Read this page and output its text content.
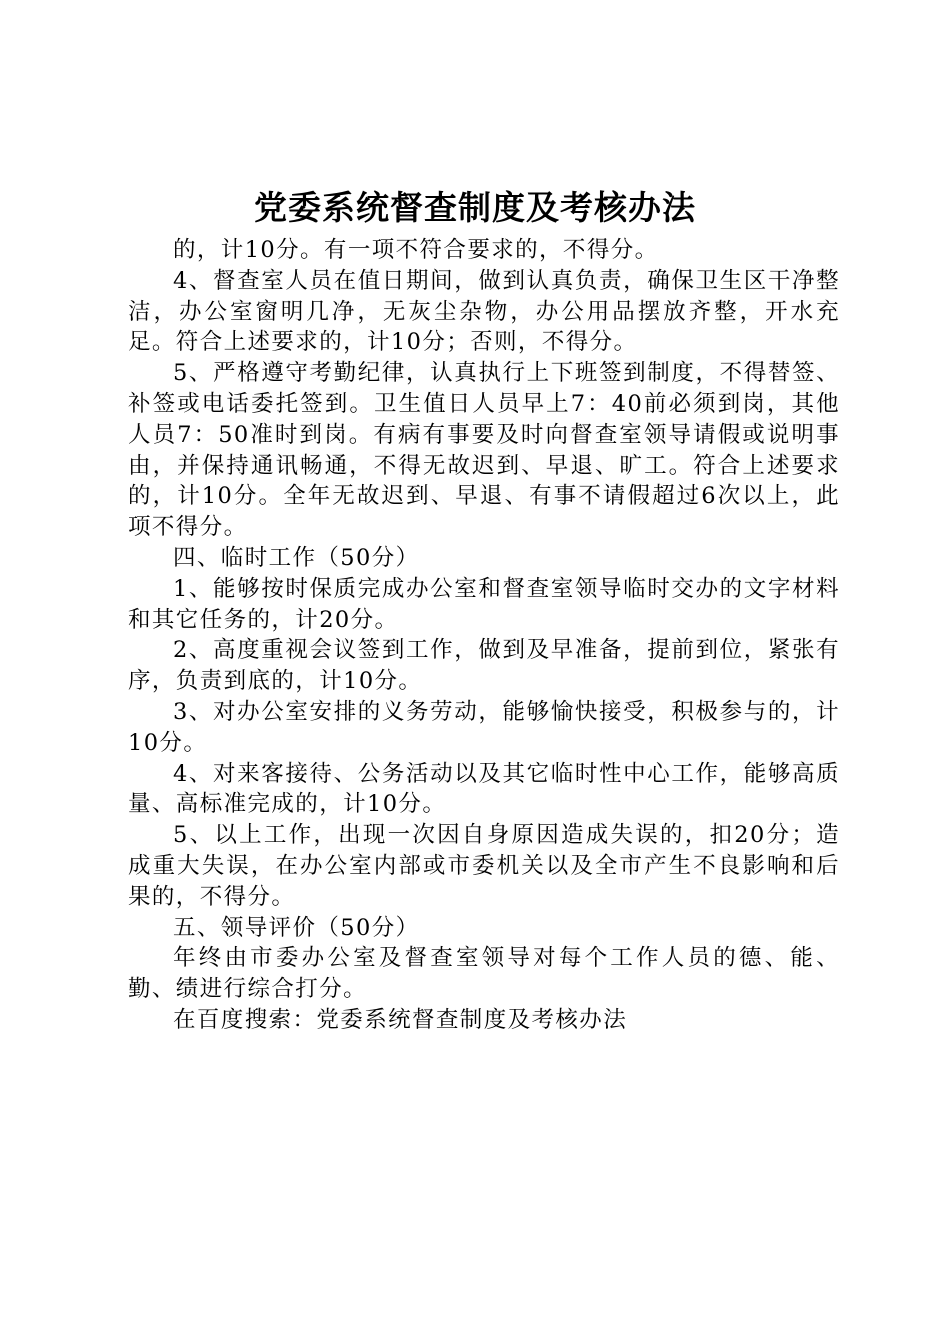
党委系统督查制度及考核办法

的，计10分。有一项不符合要求的，不得分。

4、督查室人员在值日期间，做到认真负责，确保卫生区干净整洁，办公室窗明几净，无灰尘杂物，办公用品摆放齐整，开水充足。符合上述要求的，计10分；否则，不得分。

5、严格遵守考勤纪律，认真执行上下班签到制度，不得替签、补签或电话委托签到。卫生值日人员早上7：40前必须到岗，其他人员7：50准时到岗。有病有事要及时向督查室领导请假或说明事由，并保持通讯畅通，不得无故迟到、早退、旷工。符合上述要求的，计10分。全年无故迟到、早退、有事不请假超过6次以上，此项不得分。

四、临时工作（50分）

1、能够按时保质完成办公室和督查室领导临时交办的文字材料和其它任务的，计20分。

2、高度重视会议签到工作，做到及早准备，提前到位，紧张有序，负责到底的，计10分。

3、对办公室安排的义务劳动，能够愉快接受，积极参与的，计10分。

4、对来客接待、公务活动以及其它临时性中心工作，能够高质量、高标准完成的，计10分。

5、以上工作，出现一次因自身原因造成失误的，扣20分；造成重大失误，在办公室内部或市委机关以及全市产生不良影响和后果的，不得分。

五、领导评价（50分）

年终由市委办公室及督查室领导对每个工作人员的德、能、勤、绩进行综合打分。

在百度搜索：党委系统督查制度及考核办法
